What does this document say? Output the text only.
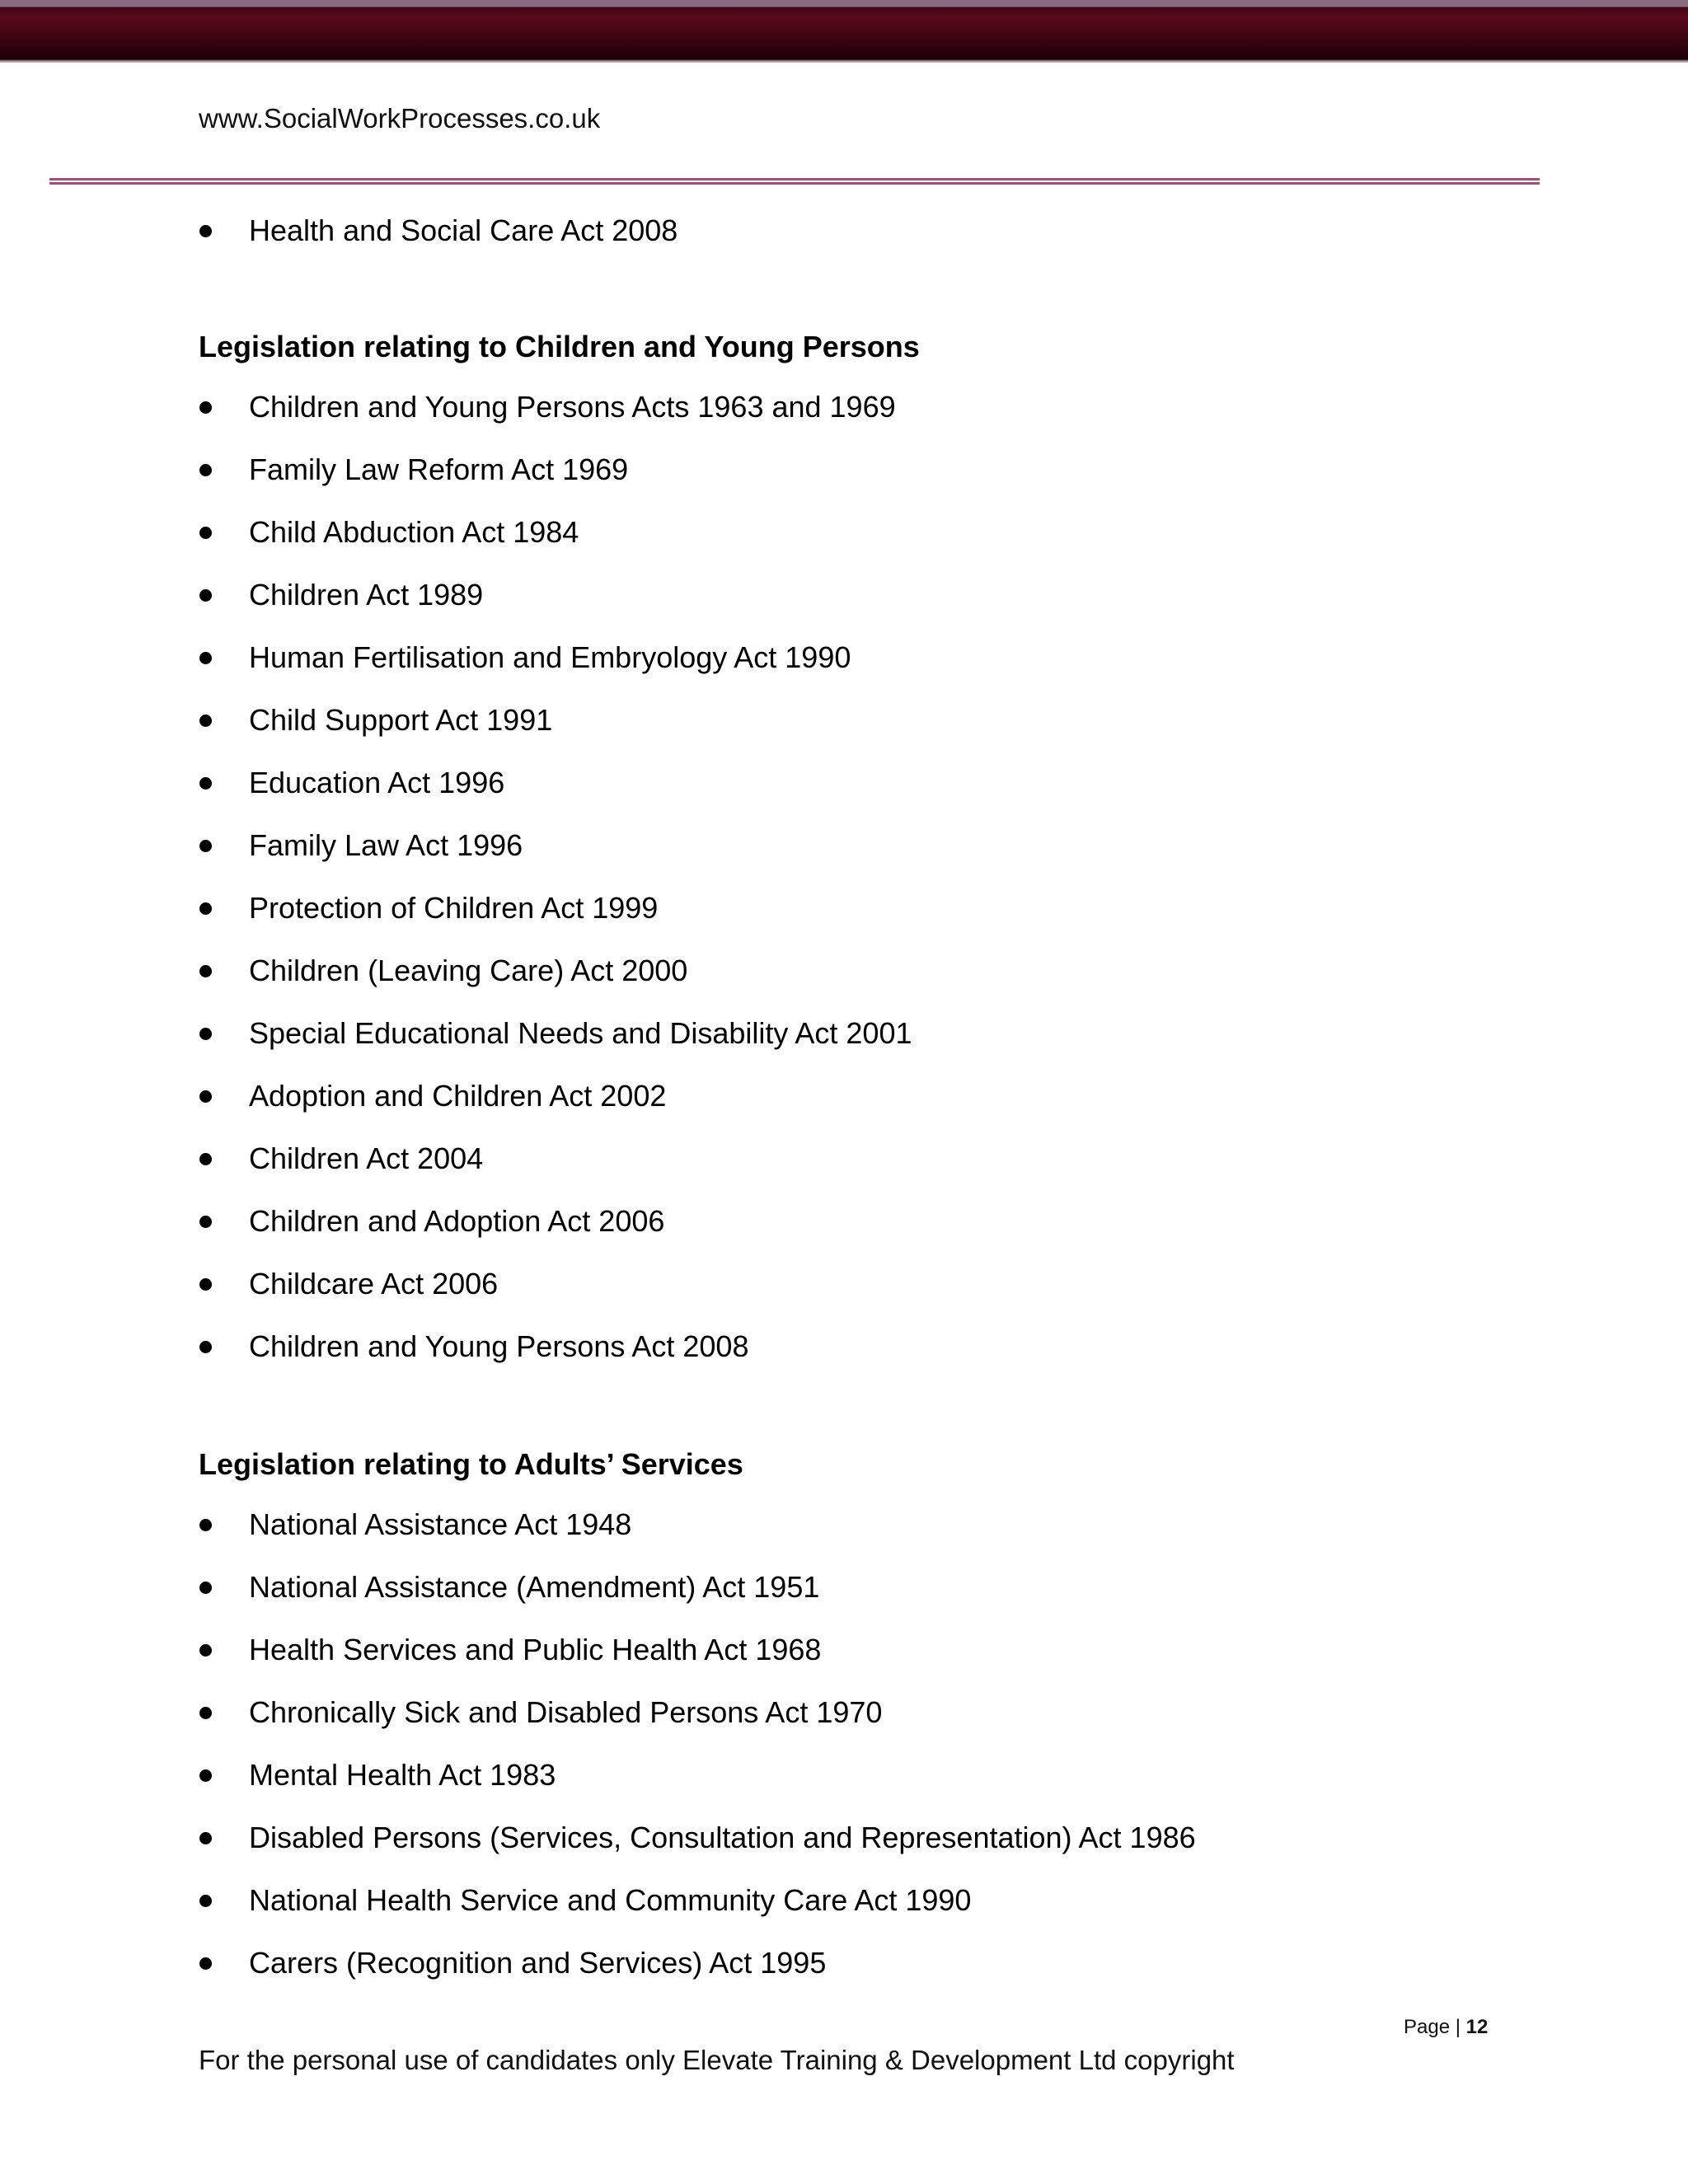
www.SocialWorkProcesses.co.uk
Health and Social Care Act 2008
Legislation relating to Children and Young Persons
Children and Young Persons Acts 1963 and 1969
Family Law Reform Act 1969
Child Abduction Act 1984
Children Act 1989
Human Fertilisation and Embryology Act 1990
Child Support Act 1991
Education Act 1996
Family Law Act 1996
Protection of Children Act 1999
Children (Leaving Care) Act 2000
Special Educational Needs and Disability Act 2001
Adoption and Children Act 2002
Children Act 2004
Children and Adoption Act 2006
Childcare Act 2006
Children and Young Persons Act 2008
Legislation relating to Adults’ Services
National Assistance Act 1948
National Assistance (Amendment) Act 1951
Health Services and Public Health Act 1968
Chronically Sick and Disabled Persons Act 1970
Mental Health Act 1983
Disabled Persons (Services, Consultation and Representation) Act 1986
National Health Service and Community Care Act 1990
Carers (Recognition and Services) Act 1995
Page | 12
For the personal use of candidates only Elevate Training & Development Ltd copyright
